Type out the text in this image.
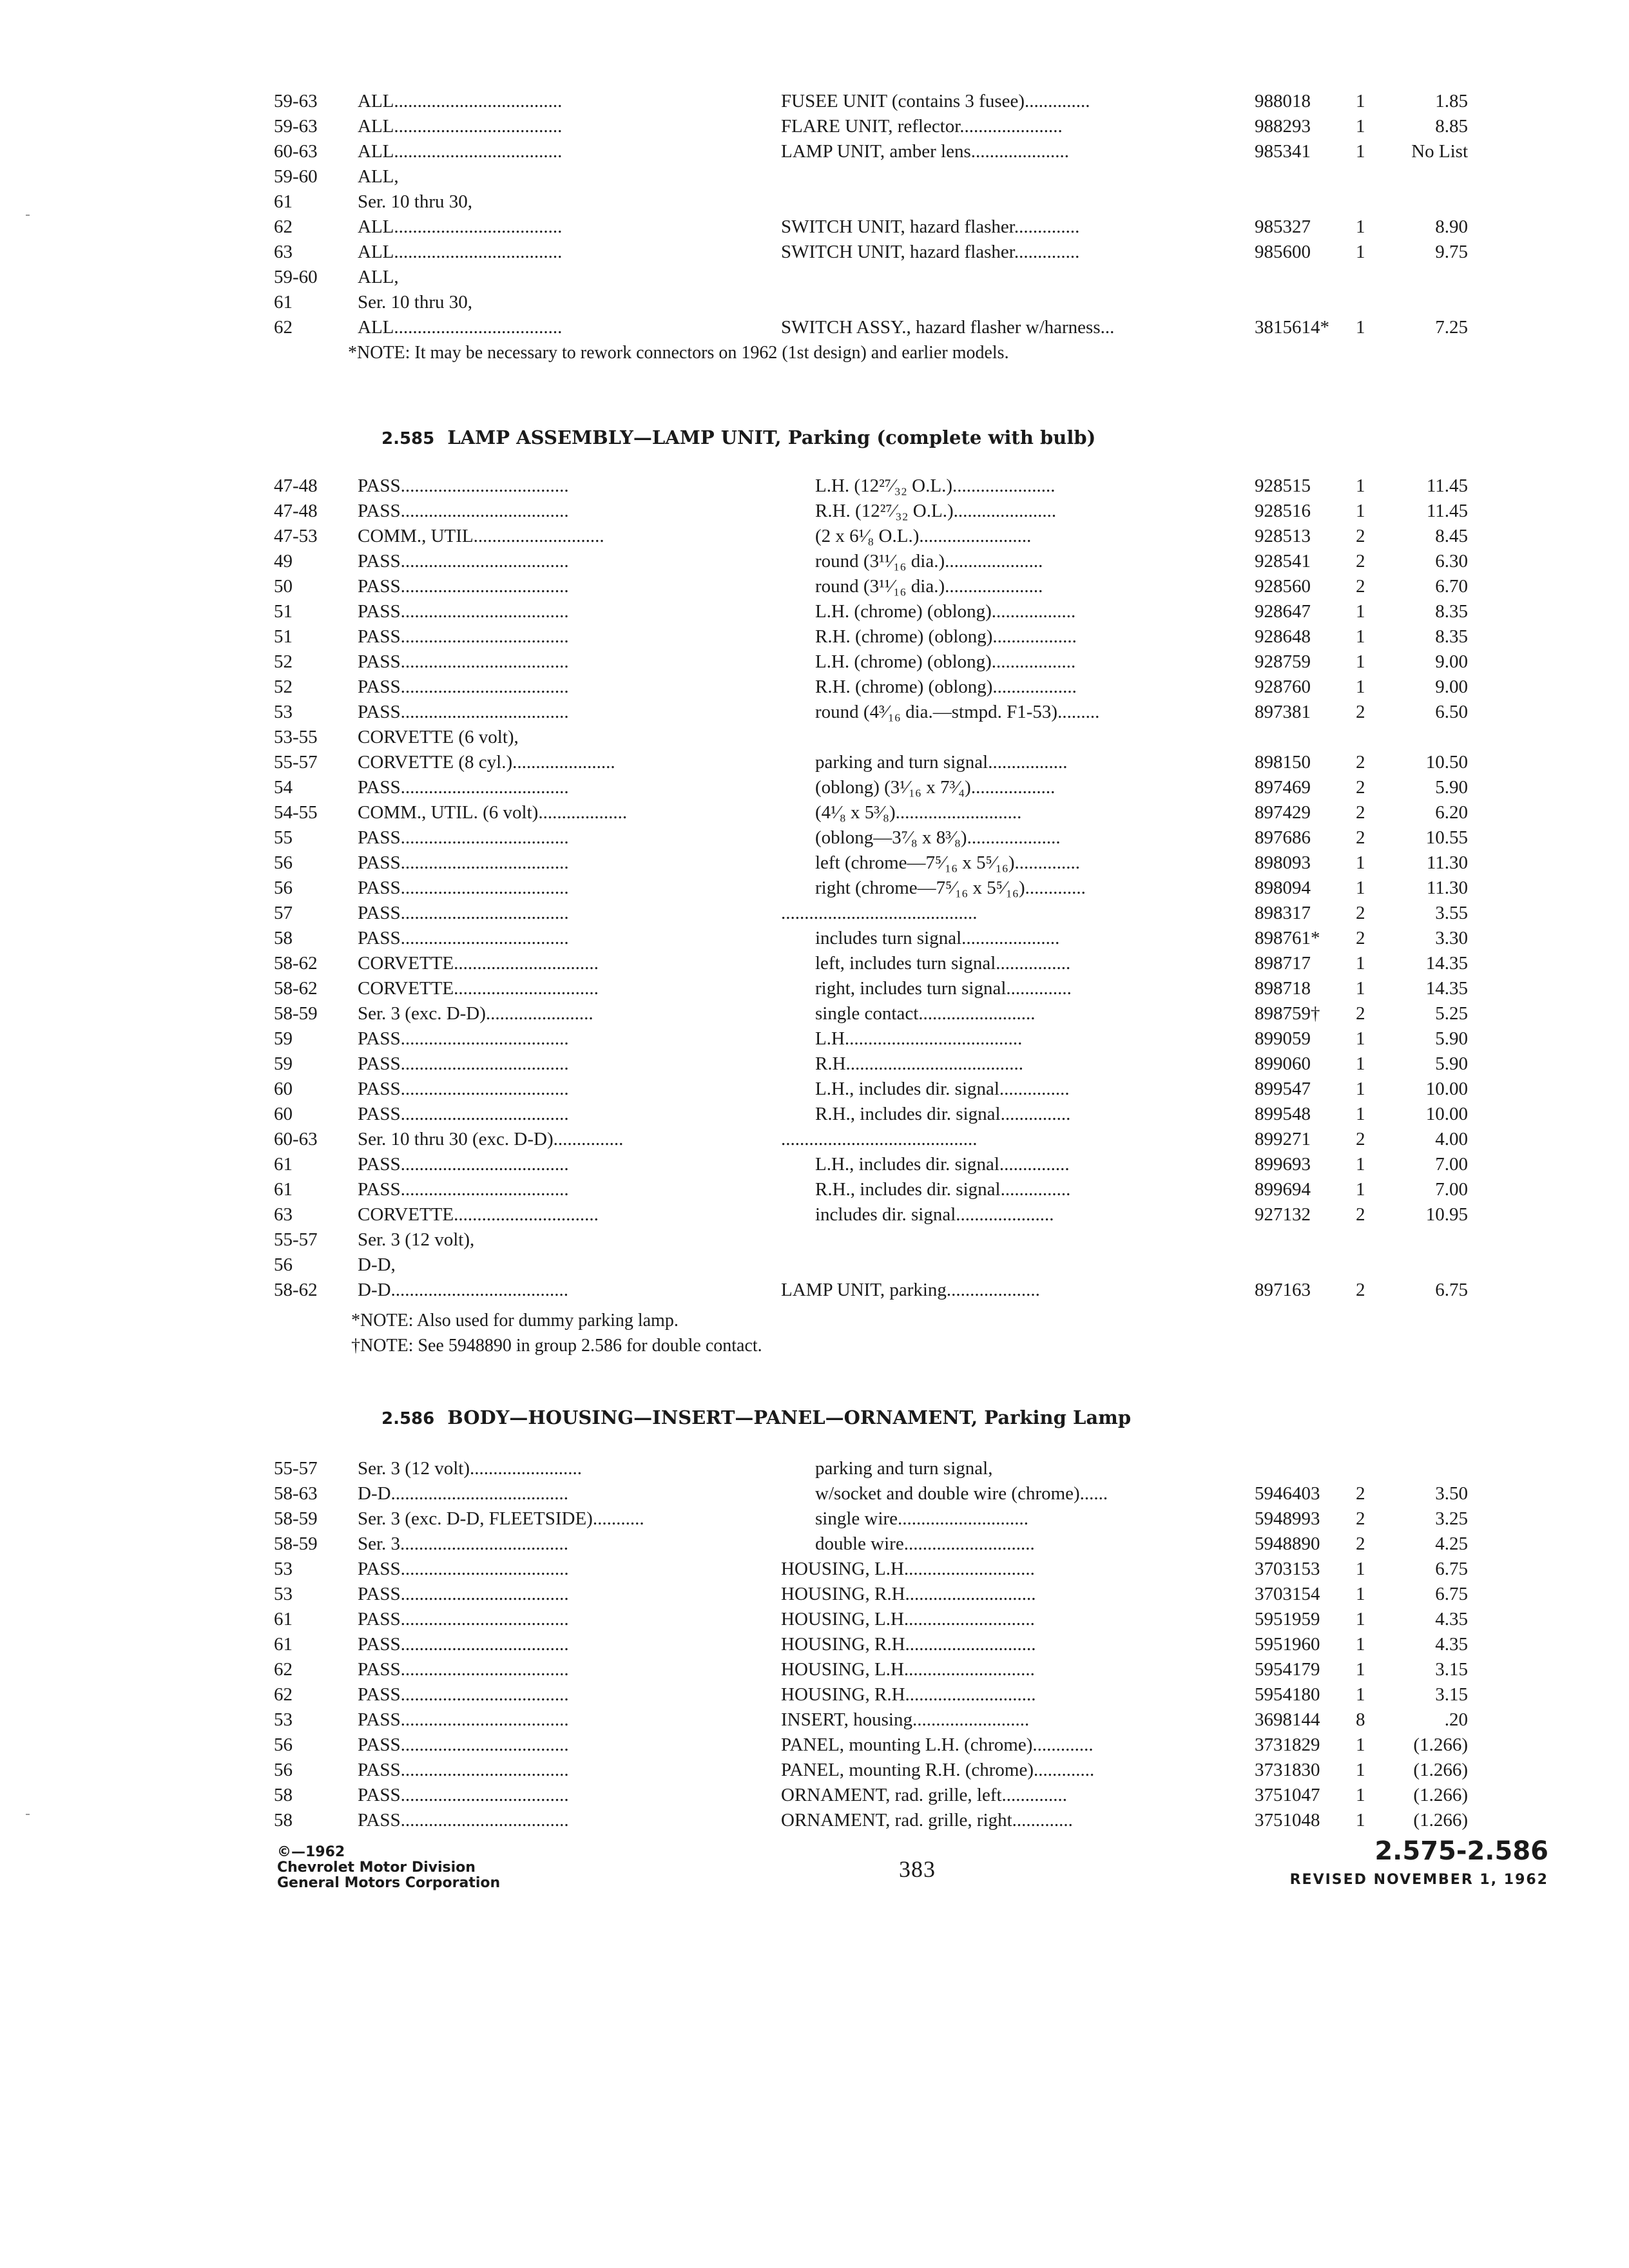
59-63 ALL....................................	FUSEE UNIT (contains 3 fusee)..............	988018 1	1.85
59-63 ALL....................................	FLARE UNIT, reflector......................	988293 1	8.85
60-63 ALL....................................	LAMP UNIT, amber lens.....................	985341 1 No List
59-60 ALL,
61	Ser. 10 thru 30,
62	ALL....................................	SWITCH UNIT, hazard flasher..............	985327 1	8.90
63	ALL....................................	SWITCH UNIT, hazard flasher..............	985600 1	9.75
59-60 ALL,
61	Ser. 10 thru 30,
62	ALL....................................	SWITCH ASSY., hazard flasher w/harness...	3815614* 1	7.25
*NOTE: It may be necessary to rework connectors on 1962 (1st design) and earlier models.
2.585 LAMP ASSEMBLY—LAMP UNIT, Parking (complete with bulb)
47-48 PASS....................................	L.H. (12²⁷⁄₃₂ O.L.)......................	928515 1	11.45
47-48 PASS....................................	R.H. (12²⁷⁄₃₂ O.L.)......................	928516 1	11.45
47-53 COMM., UTIL............................	(2 x 6¹⁄₈ O.L.)........................	928513 2	8.45
49	PASS....................................	round (3¹¹⁄₁₆ dia.).....................	928541 2	6.30
50	PASS....................................	round (3¹¹⁄₁₆ dia.).....................	928560 2	6.70
51	PASS....................................	L.H. (chrome) (oblong)..................	928647 1	8.35
51	PASS....................................	R.H. (chrome) (oblong)..................	928648 1	8.35
52	PASS....................................	L.H. (chrome) (oblong)..................	928759 1	9.00
52	PASS....................................	R.H. (chrome) (oblong)..................	928760 1	9.00
53	PASS....................................	round (4³⁄₁₆ dia.—stmpd. F1-53).........	897381 2	6.50
53-55 CORVETTE (6 volt),
55-57 CORVETTE (8 cyl.)......................	parking and turn signal.................	898150 2	10.50
54	PASS....................................	(oblong) (3¹⁄₁₆ x 7³⁄₄)..................	897469 2	5.90
54-55 COMM., UTIL. (6 volt)...................	(4¹⁄₈ x 5³⁄₈)...........................	897429 2	6.20
55	PASS....................................	(oblong—3⁷⁄₈ x 8³⁄₈)....................	897686 2	10.55
56	PASS....................................	left (chrome—7⁵⁄₁₆ x 5⁵⁄₁₆)..............	898093 1	11.30
56	PASS....................................	right (chrome—7⁵⁄₁₆ x 5⁵⁄₁₆).............	898094 1	11.30
57	PASS....................................	..........................................	898317 2	3.55
58	PASS....................................	includes turn signal.....................	898761* 2	3.30
58-62 CORVETTE...............................	left, includes turn signal................	898717 1	14.35
58-62 CORVETTE...............................	right, includes turn signal..............	898718 1	14.35
58-59 Ser. 3 (exc. D-D).......................	single contact.........................	898759† 2	5.25
59	PASS....................................	L.H......................................	899059 1	5.90
59	PASS....................................	R.H......................................	899060 1	5.90
60	PASS....................................	L.H., includes dir. signal...............	899547 1	10.00
60	PASS....................................	R.H., includes dir. signal...............	899548 1	10.00
60-63 Ser. 10 thru 30 (exc. D-D)...............	..........................................	899271 2	4.00
61	PASS....................................	L.H., includes dir. signal...............	899693 1	7.00
61	PASS....................................	R.H., includes dir. signal...............	899694 1	7.00
63	CORVETTE...............................	includes dir. signal.....................	927132 2	10.95
55-57 Ser. 3 (12 volt),
56	D-D,
58-62 D-D......................................	LAMP UNIT, parking....................	897163 2	6.75
*NOTE: Also used for dummy parking lamp.
†NOTE: See 5948890 in group 2.586 for double contact.
2.586 BODY—HOUSING—INSERT—PANEL—ORNAMENT, Parking Lamp
55-57 Ser. 3 (12 volt)........................	parking and turn signal,
58-63 D-D......................................	w/socket and double wire (chrome)......	5946403 2	3.50
58-59 Ser. 3 (exc. D-D, FLEETSIDE)...........	single wire............................	5948993 2	3.25
58-59 Ser. 3....................................	double wire............................	5948890 2	4.25
53	PASS....................................	HOUSING, L.H............................	3703153 1	6.75
53	PASS....................................	HOUSING, R.H............................	3703154 1	6.75
61	PASS....................................	HOUSING, L.H............................	5951959 1	4.35
61	PASS....................................	HOUSING, R.H............................	5951960 1	4.35
62	PASS....................................	HOUSING, L.H............................	5954179 1	3.15
62	PASS....................................	HOUSING, R.H............................	5954180 1	3.15
53	PASS....................................	INSERT, housing.........................	3698144 8	.20
56	PASS....................................	PANEL, mounting L.H. (chrome).............	3731829 1	(1.266)
56	PASS....................................	PANEL, mounting R.H. (chrome).............	3731830 1	(1.266)
58	PASS....................................	ORNAMENT, rad. grille, left..............	3751047 1	(1.266)
58	PASS....................................	ORNAMENT, rad. grille, right.............	3751048 1	(1.266)
©—1962
Chevrolet Motor Division
General Motors Corporation
383
2.575-2.586
REVISED NOVEMBER 1, 1962
